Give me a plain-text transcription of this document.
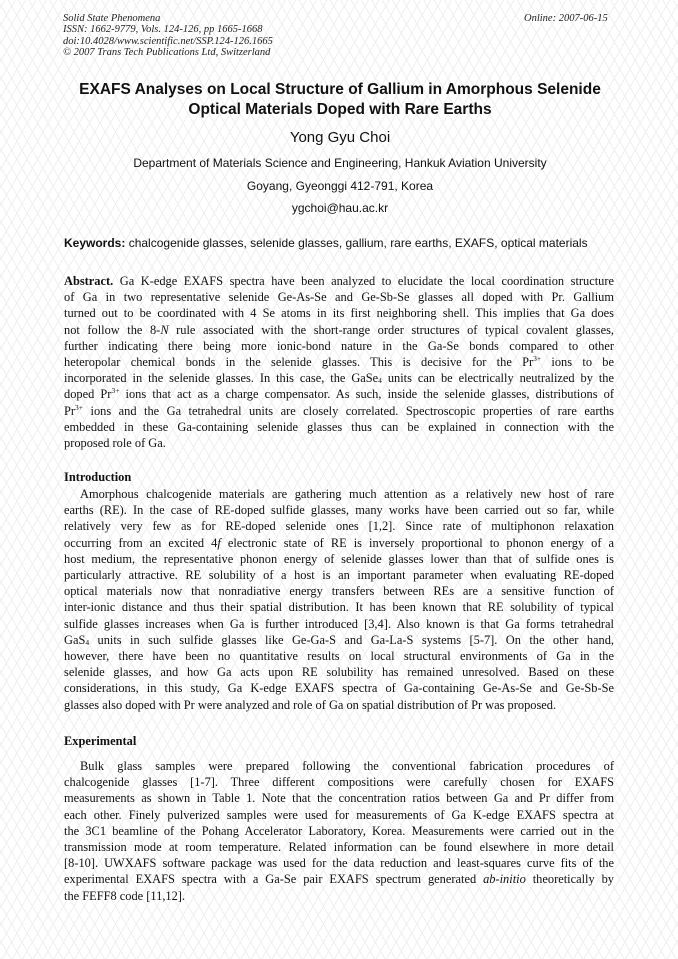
Solid State Phenomena
ISSN: 1662-9779, Vols. 124-126, pp 1665-1668
doi:10.4028/www.scientific.net/SSP.124-126.1665
© 2007 Trans Tech Publications Ltd, Switzerland
Online: 2007-06-15
EXAFS Analyses on Local Structure of Gallium in Amorphous Selenide
Optical Materials Doped with Rare Earths
Yong Gyu Choi
Department of Materials Science and Engineering, Hankuk Aviation University
Goyang, Gyeonggi 412-791, Korea
ygchoi@hau.ac.kr
Keywords: chalcogenide glasses, selenide glasses, gallium, rare earths, EXAFS, optical materials
Abstract. Ga K-edge EXAFS spectra have been analyzed to elucidate the local coordination structure
of Ga in two representative selenide Ge-As-Se and Ge-Sb-Se glasses all doped with Pr. Gallium
turned out to be coordinated with 4 Se atoms in its first neighboring shell. This implies that Ga does
not follow the 8-N rule associated with the short-range order structures of typical covalent glasses,
further indicating there being more ionic-bond nature in the Ga-Se bonds compared to other
heteropolar chemical bonds in the selenide glasses. This is decisive for the $Pr^{3+}$ ions to be
incorporated in the selenide glasses. In this case, the GaSe$_4$ units can be electrically neutralized by the
doped $Pr^{3+}$ ions that act as a charge compensator. As such, inside the selenide glasses, distributions of
$Pr^{3+}$ ions and the Ga tetrahedral units are closely correlated. Spectroscopic properties of rare earths
embedded in these Ga-containing selenide glasses thus can be explained in connection with the
proposed role of Ga.
Introduction
Amorphous chalcogenide materials are gathering much attention as a relatively new host of rare
earths (RE). In the case of RE-doped sulfide glasses, many works have been carried out so far, while
relatively very few as for RE-doped selenide ones [1,2]. Since rate of multiphonon relaxation
occurring from an excited 4f electronic state of RE is inversely proportional to phonon energy of a
host medium, the representative phonon energy of selenide glasses lower than that of sulfide ones is
particularly attractive. RE solubility of a host is an important parameter when evaluating RE-doped
optical materials now that nonradiative energy transfers between REs are a sensitive function of
inter-ionic distance and thus their spatial distribution. It has been known that RE solubility of typical
sulfide glasses increases when Ga is further introduced [3,4]. Also known is that Ga forms tetrahedral
GaS$_4$ units in such sulfide glasses like Ge-Ga-S and Ga-La-S systems [5-7]. On the other hand,
however, there have been no quantitative results on local structural environments of Ga in the
selenide glasses, and how Ga acts upon RE solubility has remained unresolved. Based on these
considerations, in this study, Ga K-edge EXAFS spectra of Ga-containing Ge-As-Se and Ge-Sb-Se
glasses also doped with Pr were analyzed and role of Ga on spatial distribution of Pr was proposed.
Experimental
Bulk glass samples were prepared following the conventional fabrication procedures of
chalcogenide glasses [1-7]. Three different compositions were carefully chosen for EXAFS
measurements as shown in Table 1. Note that the concentration ratios between Ga and Pr differ from
each other. Finely pulverized samples were used for measurements of Ga K-edge EXAFS spectra at
the 3C1 beamline of the Pohang Accelerator Laboratory, Korea. Measurements were carried out in the
transmission mode at room temperature. Related information can be found elsewhere in more detail
[8-10]. UWXAFS software package was used for the data reduction and least-squares curve fits of the
experimental EXAFS spectra with a Ga-Se pair EXAFS spectrum generated ab-initio theoretically by
the FEFF8 code [11,12].
